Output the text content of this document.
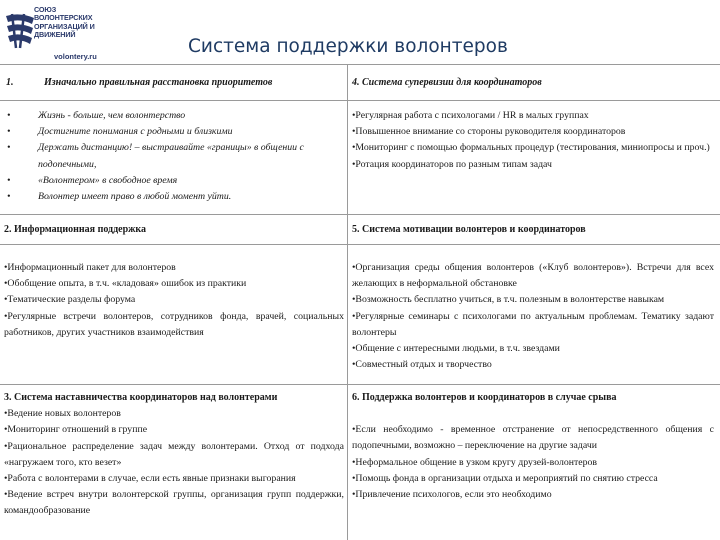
СОЮЗ
ВОЛОНТЕРСКИХ
ОРГАНИЗАЦИЙ И
ДВИЖЕНИЙ
volontery.ru	Система поддержки волонтеров
1.	Изначально правильная расстановка приоритетов	4. Система супервизии для координаторов
•	Жизнь - больше, чем волонтерство
•	Достигните понимания с родными и близкими
•	Держать дистанцию! – выстраивайте «границы» в общении с подопечными,
•	«Волонтером» в свободное время
•	Волонтер имеет право в любой момент уйти.
•Регулярная работа с психологами / HR в малых группах
•Повышенное внимание со стороны руководителя координаторов
•Мониторинг с помощью формальных процедур (тестирования, миниопросы и проч.)
•Ротация координаторов по разным типам задач
2. Информационная поддержка	5. Система мотивации волонтеров и координаторов
•Информационный пакет для волонтеров
•Обобщение опыта, в т.ч. «кладовая» ошибок из практики
•Тематические разделы форума
•Регулярные встречи волонтеров, сотрудников фонда, врачей, социальных работников, других участников взаимодействия
•Организация среды общения волонтеров («Клуб волонтеров»). Встречи для всех желающих в неформальной обстановке
•Возможность бесплатно учиться, в т.ч. полезным в волонтерстве навыкам
•Регулярные семинары с психологами по актуальным проблемам. Тематику задают волонтеры
•Общение с интересными людьми, в т.ч. звездами
•Совместный отдых и творчество
3. Система наставничества координаторов над волонтерами
•Ведение новых волонтеров
•Мониторинг отношений в группе
•Рациональное распределение задач между волонтерами. Отход от подхода «нагружаем того, кто везет»
•Работа с волонтерами в случае, если есть явные признаки выгорания
•Ведение встреч внутри волонтерской группы, организация групп поддержки, командообразование
6. Поддержка волонтеров и координаторов в случае срыва
•Если необходимо - временное отстранение от непосредственного общения с подопечными, возможно – переключение на другие задачи
•Неформальное общение в узком кругу друзей-волонтеров
•Помощь фонда в организации отдыха и мероприятий по снятию стресса
•Привлечение психологов, если это необходимо
